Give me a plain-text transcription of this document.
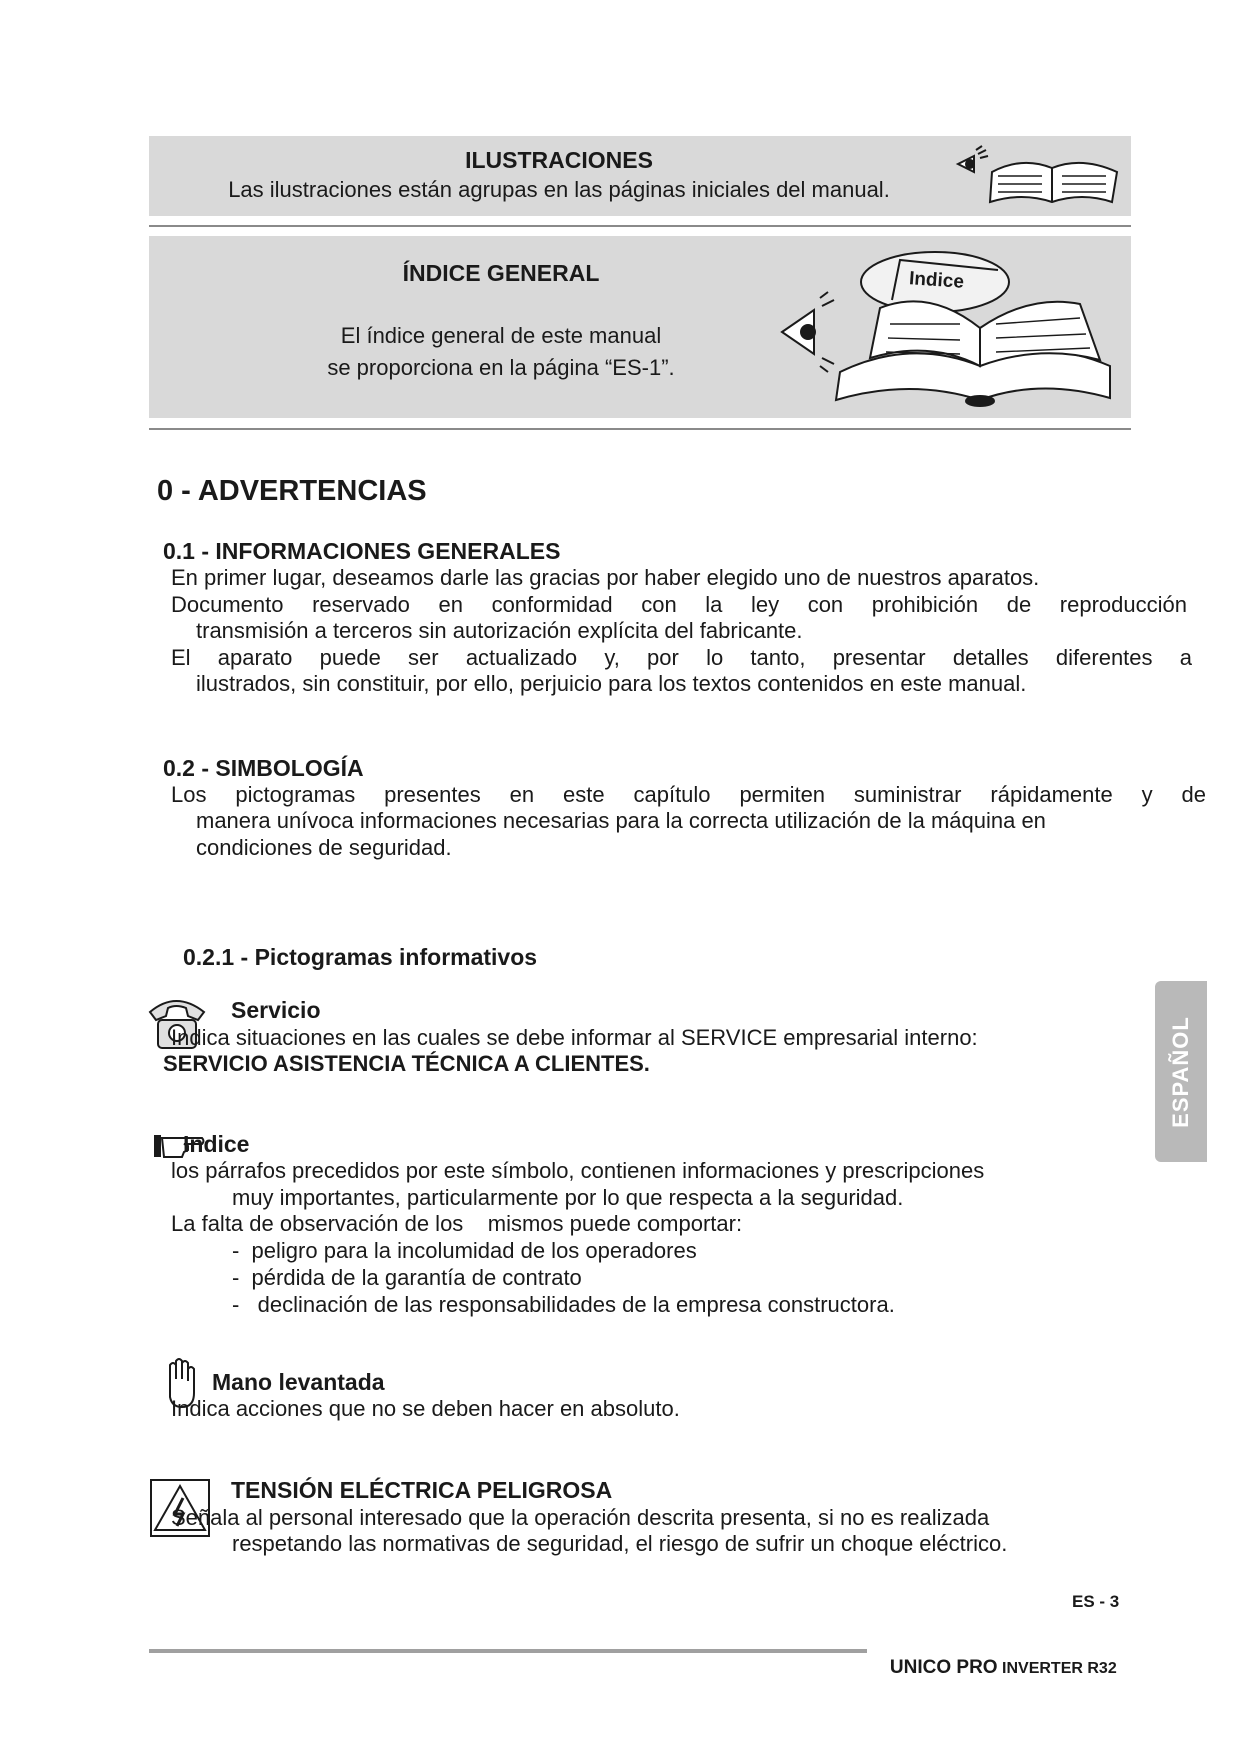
ILUSTRACIONES
Las ilustraciones están agrupas en las páginas iniciales del manual.
ÍNDICE GENERAL
El índice general de este manual
se proporciona en la página “ES-1”.
Indice
0 - ADVERTENCIAS
0.1 - INFORMACIONES GENERALES
En primer lugar, deseamos darle las gracias por haber elegido uno de nuestros aparatos.
Documento reservado en conformidad con la ley con prohibición de reproducción
transmisión a terceros sin autorización explícita del fabricante.
El aparato puede ser actualizado y, por lo tanto, presentar detalles diferentes a
ilustrados, sin constituir, por ello, perjuicio para los textos contenidos en este manual.
0.2 - SIMBOLOGÍA
Los pictogramas presentes en este capítulo permiten suministrar rápidamente y de
manera unívoca informaciones necesarias para la correcta utilización de la máquina en
condiciones de seguridad.
0.2.1 - Pictogramas informativos
Servicio
Indica situaciones en las cuales se debe informar al SERVICE empresarial interno:
SERVICIO ASISTENCIA TÉCNICA A CLIENTES.
Indice
los párrafos precedidos por este símbolo, contienen informaciones y prescripciones
muy importantes, particularmente por lo que respecta a la seguridad.
La falta de observación de los    mismos puede comportar:
-  peligro para la incolumidad de los operadores
-  pérdida de la garantía de contrato
-   declinación de las responsabilidades de la empresa constructora.
Mano levantada
Indica acciones que no se deben hacer en absoluto.
TENSIÓN ELÉCTRICA PELIGROSA
Señala al personal interesado que la operación descrita presenta, si no es realizada
respetando las normativas de seguridad, el riesgo de sufrir un choque eléctrico.
ESPAÑOL
ES - 3

UNICO PRO INVERTER R32
